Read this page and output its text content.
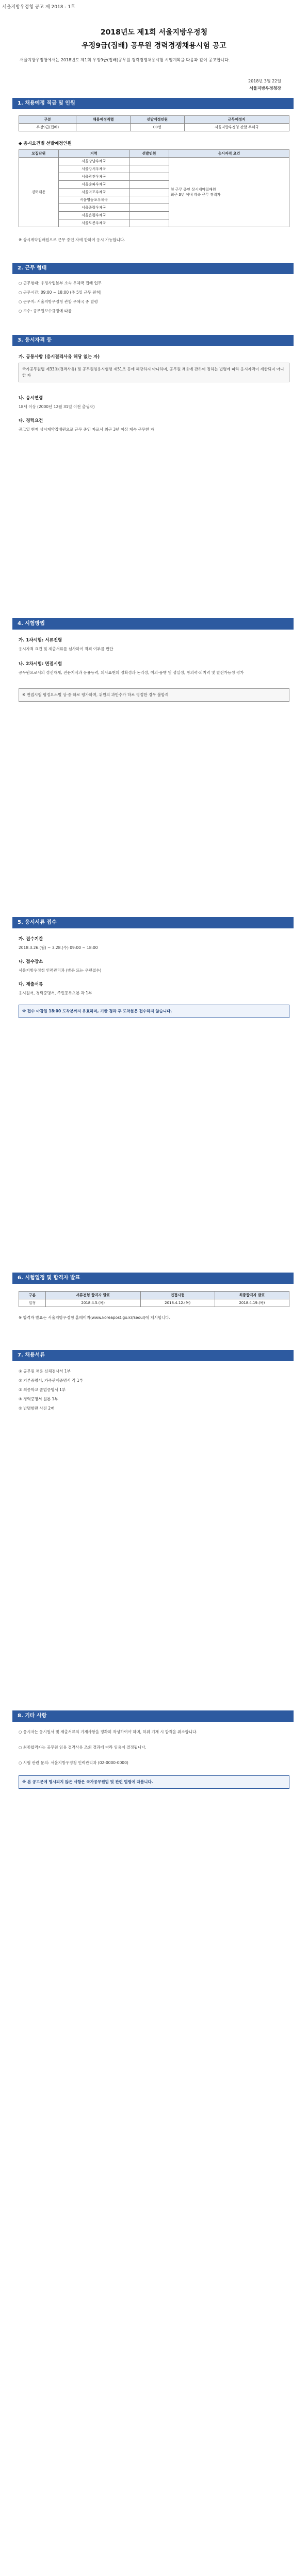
서울지방우정청 공고 제 2018 - 1호
2018년도 제1회 서울지방우정청
우정9급(집배) 공무원 경력경쟁채용시험 공고
서울지방우정청에서는 2018년도 제1회 우정9급(집배)공무원 경력경쟁채용시험 시행계획을 다음과 같이 공고합니다.
2018년 3월 22일
서울지방우정청장
1. 채용예정 직급 및 인원
구분	채용예정직렬	선발예정인원	근무예정지
우정9급(집배)		00명	서울지방우정청 관할 우체국
◆ 응시요건별 선발예정인원
모집단위	지역	선발인원	응시자격 요건
경력채용	서울강남우체국		현 근무 중인 상시계약집배원
최근 3년 이내 계속 근무 경력자

	서울강서우체국		
	서울광진우체국		
	서울송파우체국		
	서울마포우체국		
	서울영등포우체국		
	서울중랑우체국		
	서울은평우체국		
	서울도봉우체국		
※ 상시계약집배원으로 근무 중인 자에 한하여 응시 가능합니다.
2. 근무 형태
○ 근무형태: 우정사업본부 소속 우체국 집배 업무
○ 근무시간: 09:00 ~ 18:00 (주 5일 근무 원칙)
○ 근무지: 서울지방우정청 관할 우체국 중 발령
○ 보수: 공무원보수규정에 따름
3. 응시자격 등
가. 공통사항 (응시결격사유 해당 없는 자)
국가공무원법 제33조(결격사유) 및 공무원임용시험령 제51조 등에 해당하지 아니하며, 공무원 채용에 관하여 정하는 법령에 따라 응시자격이 제한되지 아니한 자
나. 응시연령
18세 이상 (2000년 12월 31일 이전 출생자)
다. 경력요건
공고일 현재 상시계약집배원으로 근무 중인 자로서 최근 3년 이상 계속 근무한 자
4. 시험방법
가. 1차시험: 서류전형
응시자격 요건 및 제출서류를 심사하여 적격 여부를 판단
나. 2차시험: 면접시험
공무원으로서의 정신자세, 전문지식과 응용능력, 의사표현의 정확성과 논리성, 예의·품행 및 성실성, 창의력·의지력 및 발전가능성 평가
※ 면접시험 평정요소별 상·중·하로 평가하며, 위원의 과반수가 하로 평정한 경우 불합격
5. 응시서류 접수
가. 접수기간
2018.3.26.(월) ~ 3.28.(수) 09:00 ~ 18:00
나. 접수장소
서울지방우정청 인력관리과 (방문 또는 우편접수)
다. 제출서류
응시원서, 경력증명서, 주민등록초본 각 1부
※ 접수 마감일 18:00 도착분까지 유효하며, 기한 경과 후 도착분은 접수하지 않습니다.
6. 시험일정 및 합격자 발표
구분	서류전형 합격자 발표	면접시험	최종합격자 발표
일정	2018.4.5.(목)	2018.4.12.(목)	2018.4.19.(목)
※ 합격자 발표는 서울지방우정청 홈페이지(www.koreapost.go.kr/seoul)에 게시합니다.
7. 채용서류
① 공무원 채용 신체검사서 1부
② 기본증명서, 가족관계증명서 각 1부
③ 최종학교 졸업증명서 1부
④ 경력증명서 원본 1부
⑤ 반명함판 사진 2매
8. 기타 사항
○ 응시자는 응시원서 및 제출서류의 기재사항을 정확히 작성하여야 하며, 허위 기재 시 합격을 취소합니다.
○ 최종합격자는 공무원 임용 결격사유 조회 결과에 따라 임용이 결정됩니다.
○ 시험 관련 문의: 서울지방우정청 인력관리과 (02-0000-0000)
※ 본 공고문에 명시되지 않은 사항은 국가공무원법 및 관련 법령에 따릅니다.
